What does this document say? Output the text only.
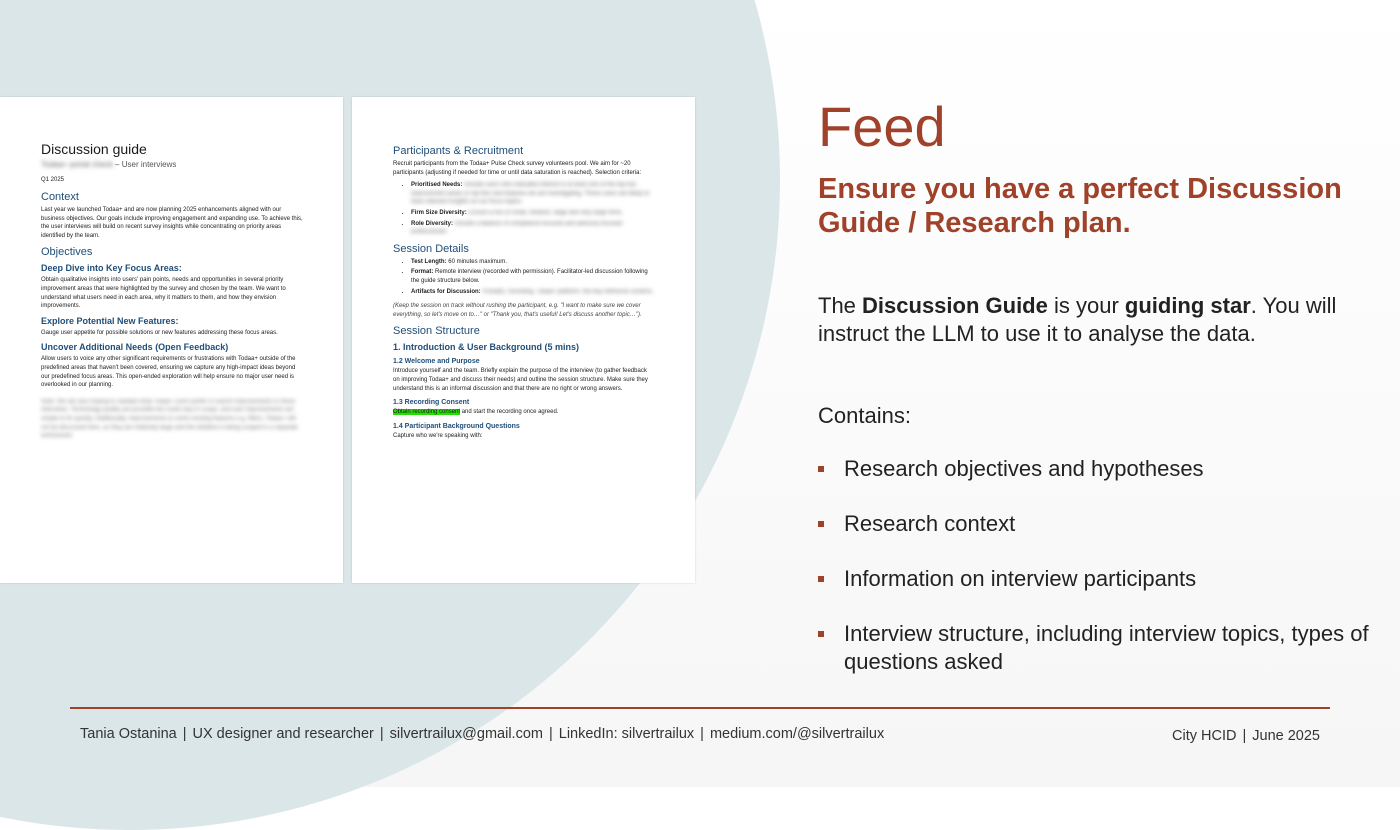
Discussion guide
Todaa+ portal check – User interviews
Q1 2025
Context

Last year we launched Todaa+ and are now planning 2025 enhancements aligned with our business objectives. Our goals include improving engagement and expanding use. To achieve this, the user interviews will build on recent survey insights while concentrating on priority areas identified by the team.

Objectives
Deep Dive into Key Focus Areas:

Obtain qualitative insights into users' pain points, needs and opportunities in several priority improvement areas that were highlighted by the survey and chosen by the team. We want to understand what users need in each area, why it matters to them, and how they envision improvements.

Explore Potential New Features:

Gauge user appetite for possible solutions or new features addressing these focus areas.

Uncover Additional Needs (Open Feedback)

Allow users to voice any other significant requirements or frustrations with Todaa+ outside of the predefined areas that haven't been covered, ensuring we capture any high-impact ideas beyond our predefined focus areas. This open-ended exploration will help ensure no major user need is overlooked in our planning.

Note: We are also hoping to validate what Todaa+ users prefer in search improvements in these interviews. Technology quality are possible but could vary in scope, and user improvements are simple to fix quickly. Additionally, improvements to some existing features e.g. filters, Todaa+ will not be discussed here, as they are relatively large and the initiative is being scoped in a separate workstream.
Participants & Recruitment

Recruit participants from the Todaa+ Pulse Check survey volunteers pool. We aim for ~20 participants (adjusting if needed for time or until data saturation is reached). Selection criteria:

• Prioritised Needs: Include users who indicated interest in at least one of the top five improvement areas or top five new features we are investigating. These users are likely to have relevant insights on our focus topics.
• Firm Size Diversity: Ensure a mix of small, medium, large and very large firms.
• Role Diversity: Include a balance of compliance-focused and advisory-focused professionals.
Session Details
• Test Length: 60 minutes maximum.
• Format: Remote interview (recorded with permission). Facilitator-led discussion following the guide structure below.
• Artifacts for Discussion: Prompts, recording, Todaa+ platform, the key reference screens.

(Keep the session on track without rushing the participant, e.g. "I want to make sure we cover everything, so let's move on to…" or "Thank you, that's useful! Let's discuss another topic…").

Session Structure
1. Introduction & User Background (5 mins)
1.2 Welcome and Purpose

Introduce yourself and the team. Briefly explain the purpose of the interview (to gather feedback on improving Todaa+ and discuss their needs) and outline the session structure. Make sure they understand this is an informal discussion and that there are no right or wrong answers.

1.3 Recording Consent

Obtain recording consent and start the recording once agreed.

1.4 Participant Background Questions

Capture who we're speaking with:

Feed
Ensure you have a perfect Discussion Guide / Research plan.

The Discussion Guide is your guiding star. You will instruct the LLM to use it to analyse the data.

Contains:

Research objectives and hypotheses
Research context
Information on interview participants
Interview structure, including interview topics, types of questions asked
Tania Ostanina | UX designer and researcher | silvertrailux@gmail.com | LinkedIn: silvertrailux | medium.com/@silvertrailux	City HCID | June 2025
